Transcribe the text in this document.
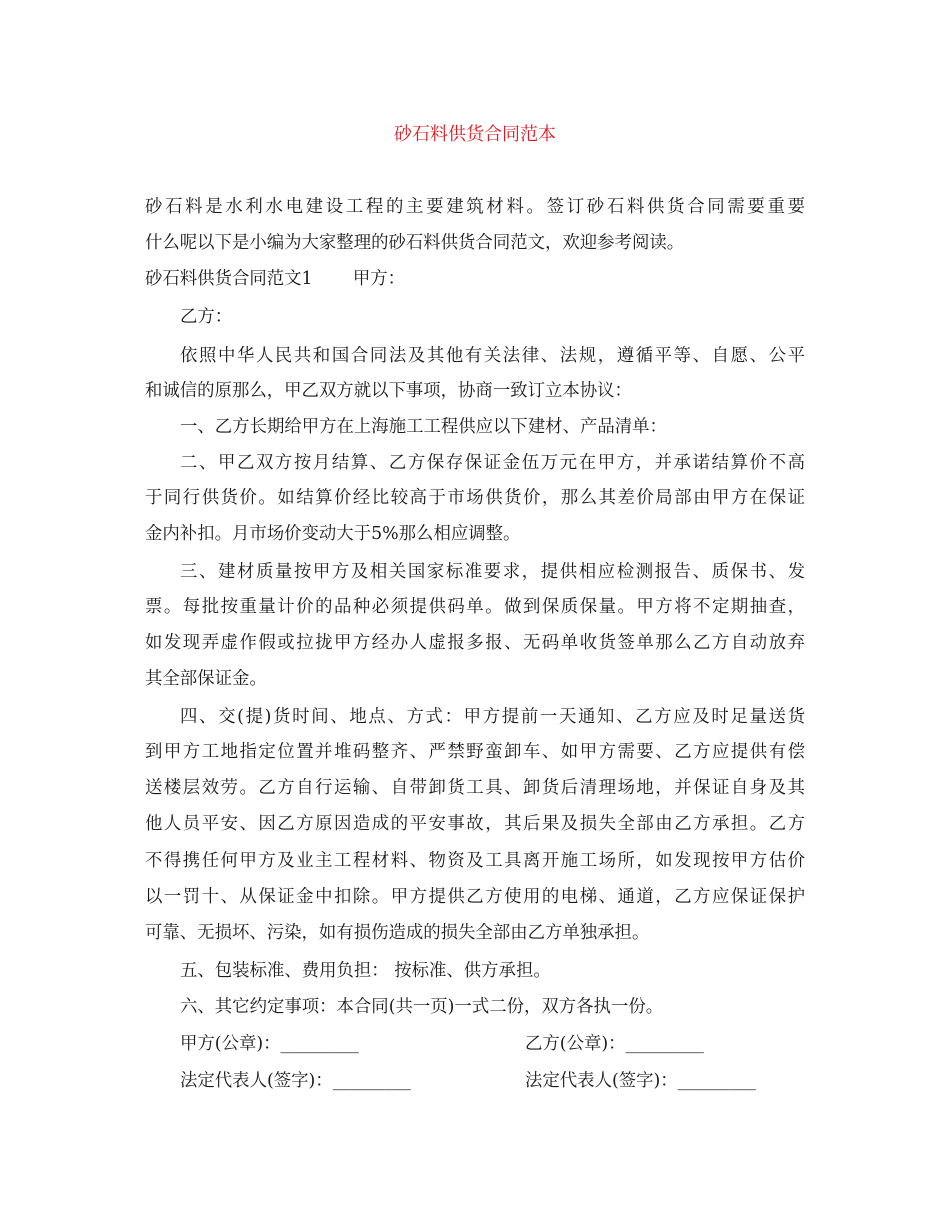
砂石料供货合同范本
砂石料是水利水电建设工程的主要建筑材料。签订砂石料供货合同需要重要
什么呢以下是小编为大家整理的砂石料供货合同范文，欢迎参考阅读。
砂石料供货合同范文1　　 甲方：
乙方：
依照中华人民共和国合同法及其他有关法律、法规，遵循平等、自愿、公平
和诚信的原那么，甲乙双方就以下事项，协商一致订立本协议：
一、乙方长期给甲方在上海施工工程供应以下建材、产品清单：
二、甲乙双方按月结算、乙方保存保证金伍万元在甲方，并承诺结算价不高
于同行供货价。如结算价经比较高于市场供货价，那么其差价局部由甲方在保证
金内补扣。月市场价变动大于5%那么相应调整。
三、建材质量按甲方及相关国家标准要求，提供相应检测报告、质保书、发
票。每批按重量计价的品种必须提供码单。做到保质保量。甲方将不定期抽查，
如发现弄虚作假或拉拢甲方经办人虚报多报、无码单收货签单那么乙方自动放弃
其全部保证金。
四、交(提)货时间、地点、方式：甲方提前一天通知、乙方应及时足量送货
到甲方工地指定位置并堆码整齐、严禁野蛮卸车、如甲方需要、乙方应提供有偿
送楼层效劳。乙方自行运输、自带卸货工具、卸货后清理场地，并保证自身及其
他人员平安、因乙方原因造成的平安事故，其后果及损失全部由乙方承担。乙方
不得携任何甲方及业主工程材料、物资及工具离开施工场所，如发现按甲方估价
以一罚十、从保证金中扣除。甲方提供乙方使用的电梯、通道，乙方应保证保护
可靠、无损坏、污染，如有损伤造成的损失全部由乙方单独承担。
五、包装标准、费用负担： 按标准、供方承担。
六、其它约定事项：本合同(共一页)一式二份，双方各执一份。
甲方(公章)：_________	乙方(公章)：_________
法定代表人(签字)：_________	法定代表人(签字)：_________
